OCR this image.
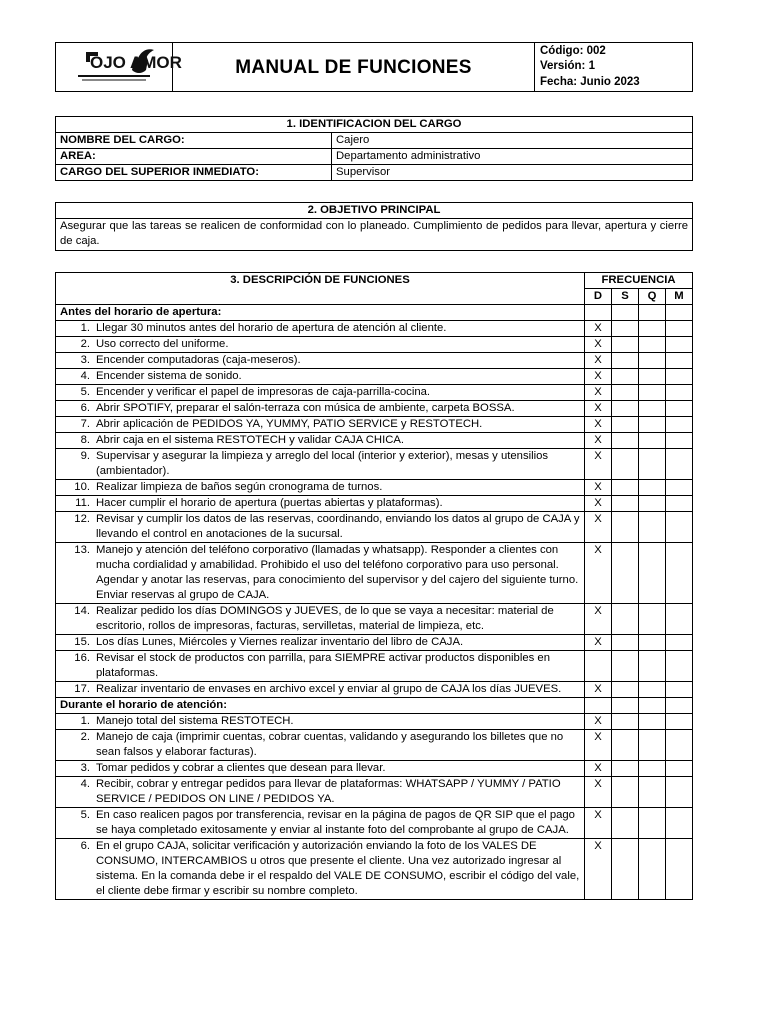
OJO AMOR	MANUAL DE FUNCIONES	
Código: 002
Versión: 1
Fecha: Junio 2023
1. IDENTIFICACION DEL CARGO	
NOMBRE DEL CARGO:	Cajero
AREA:	Departamento administrativo
CARGO DEL SUPERIOR INMEDIATO:	Supervisor
2. OBJETIVO PRINCIPAL
Asegurar que las tareas se realicen de conformidad con lo planeado. Cumplimiento de pedidos para llevar, apertura y cierre de caja.
3. DESCRIPCIÓN DE FUNCIONES	FRECUENCIA			
	D	S	Q	M
Antes del horario de apertura:				

1. Llegar 30 minutos antes del horario de apertura de atención al cliente.	X			

2. Uso correcto del uniforme.	X			

3. Encender computadoras (caja-meseros).	X			

4. Encender sistema de sonido.	X			

5. Encender y verificar el papel de impresoras de caja-parrilla-cocina.	X			

6. Abrir SPOTIFY, preparar el salón-terraza con música de ambiente, carpeta BOSSA.	X			

7. Abrir aplicación de PEDIDOS YA, YUMMY, PATIO SERVICE y RESTOTECH.	X			

8. Abrir caja en el sistema RESTOTECH y validar CAJA CHICA.	X			

9. Supervisar y asegurar la limpieza y arreglo del local (interior y exterior), mesas y utensilios (ambientador).	X			

10. Realizar limpieza de baños según cronograma de turnos.	X			

11. Hacer cumplir el horario de apertura (puertas abiertas y plataformas).	X			

12. Revisar y cumplir los datos de las reservas, coordinando, enviando los datos al grupo de CAJA y llevando el control en anotaciones de la sucursal.	X			

13. Manejo y atención del teléfono corporativo (llamadas y whatsapp). Responder a clientes con mucha cordialidad y amabilidad. Prohibido el uso del teléfono corporativo para uso personal. Agendar y anotar las reservas, para conocimiento del supervisor y del cajero del siguiente turno. Enviar reservas al grupo de CAJA.	X			

14. Realizar pedido los días DOMINGOS y JUEVES, de lo que se vaya a necesitar: material de escritorio, rollos de impresoras, facturas, servilletas, material de limpieza, etc.	X			

15. Los días Lunes, Miércoles y Viernes realizar inventario del libro de CAJA.	X			

16. Revisar el stock de productos con parrilla, para SIEMPRE activar productos disponibles en plataformas.				

17. Realizar inventario de envases en archivo excel y enviar al grupo de CAJA los días JUEVES.	X			
Durante el horario de atención:				

1. Manejo total del sistema RESTOTECH.	X			

2. Manejo de caja (imprimir cuentas, cobrar cuentas, validando y asegurando los billetes que no sean falsos y elaborar facturas).	X			

3. Tomar pedidos y cobrar a clientes que desean para llevar.	X			

4. Recibir, cobrar y entregar pedidos para llevar de plataformas: WHATSAPP / YUMMY / PATIO SERVICE / PEDIDOS ON LINE / PEDIDOS YA.	X			

5. En caso realicen pagos por transferencia, revisar en la página de pagos de QR SIP que el pago se haya completado exitosamente y enviar al instante foto del comprobante al grupo de CAJA.	X			

6. En el grupo CAJA, solicitar verificación y autorización enviando la foto de los VALES DE CONSUMO, INTERCAMBIOS u otros que presente el cliente. Una vez autorizado ingresar al sistema. En la comanda debe ir el respaldo del VALE DE CONSUMO, escribir el código del vale, el cliente debe firmar y escribir su nombre completo.	X			
